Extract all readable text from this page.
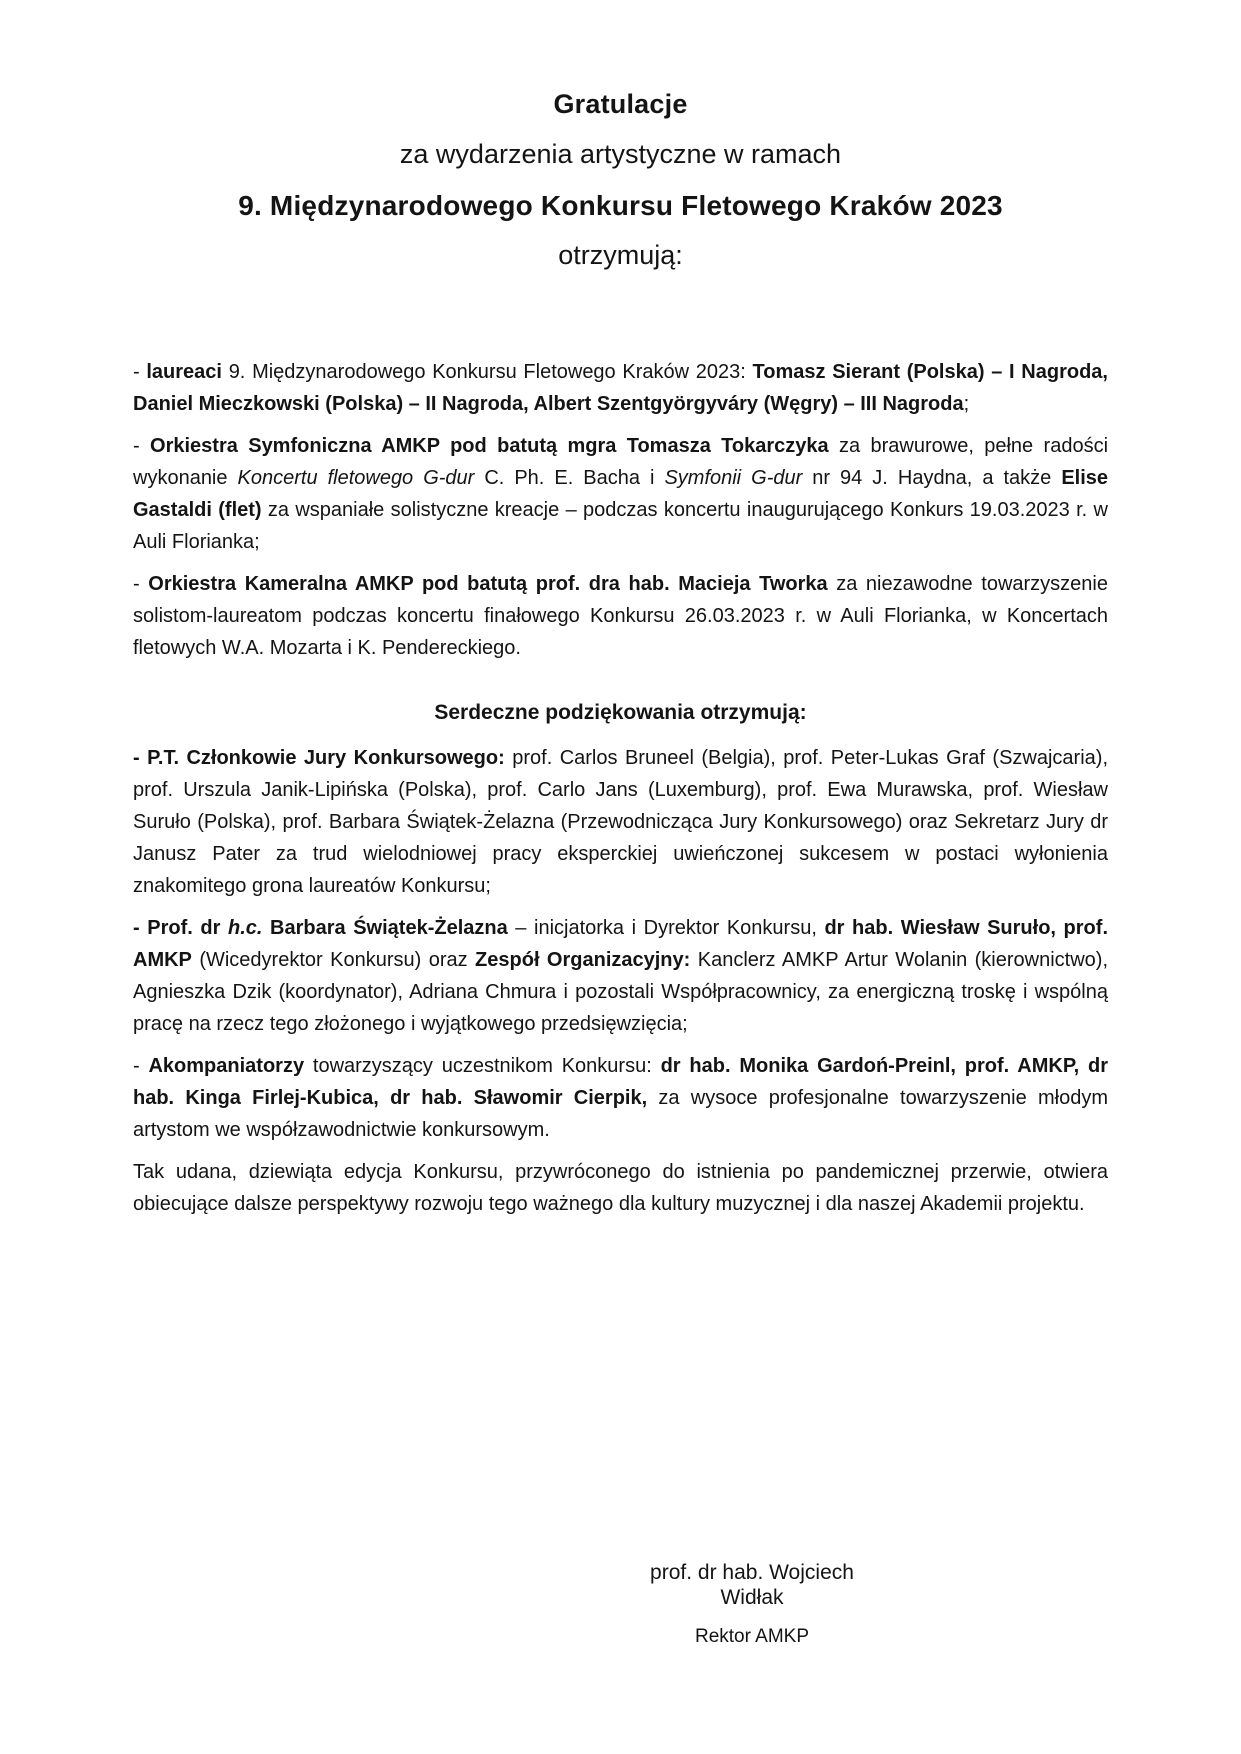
Gratulacje

za wydarzenia artystyczne w ramach

9. Międzynarodowego Konkursu Fletowego Kraków 2023

otrzymują:

- laureaci 9. Międzynarodowego Konkursu Fletowego Kraków 2023: Tomasz Sierant (Polska) – I Nagroda, Daniel Mieczkowski (Polska) – II Nagroda, Albert Szentgyörgyváry (Węgry) – III Nagroda;

- Orkiestra Symfoniczna AMKP pod batutą mgra Tomasza Tokarczyka za brawurowe, pełne radości wykonanie Koncertu fletowego G-dur C. Ph. E. Bacha i Symfonii G-dur nr 94 J. Haydna, a także Elise Gastaldi (flet) za wspaniałe solistyczne kreacje – podczas koncertu inaugurującego Konkurs 19.03.2023 r. w Auli Florianka;

- Orkiestra Kameralna AMKP pod batutą prof. dra hab. Macieja Tworka za niezawodne towarzyszenie solistom-laureatom podczas koncertu finałowego Konkursu 26.03.2023 r. w Auli Florianka, w Koncertach fletowych W.A. Mozarta i K. Pendereckiego.

Serdeczne podziękowania otrzymują:

- P.T. Członkowie Jury Konkursowego: prof. Carlos Bruneel (Belgia), prof. Peter-Lukas Graf (Szwajcaria), prof. Urszula Janik-Lipińska (Polska), prof. Carlo Jans (Luxemburg), prof. Ewa Murawska, prof. Wiesław Suruło (Polska), prof. Barbara Świątek-Żelazna (Przewodnicząca Jury Konkursowego) oraz Sekretarz Jury dr Janusz Pater za trud wielodniowej pracy eksperckiej uwieńczonej sukcesem w postaci wyłonienia znakomitego grona laureatów Konkursu;

- Prof. dr h.c. Barbara Świątek-Żelazna – inicjatorka i Dyrektor Konkursu, dr hab. Wiesław Suruło, prof. AMKP (Wicedyrektor Konkursu) oraz Zespół Organizacyjny: Kanclerz AMKP Artur Wolanin (kierownictwo), Agnieszka Dzik (koordynator), Adriana Chmura i pozostali Współpracownicy, za energiczną troskę i wspólną pracę na rzecz tego złożonego i wyjątkowego przedsięwzięcia;

- Akompaniatorzy towarzyszący uczestnikom Konkursu: dr hab. Monika Gardoń-Preinl, prof. AMKP, dr hab. Kinga Firlej-Kubica, dr hab. Sławomir Cierpik, za wysoce profesjonalne towarzyszenie młodym artystom we współzawodnictwie konkursowym.

Tak udana, dziewiąta edycja Konkursu, przywróconego do istnienia po pandemicznej przerwie, otwiera obiecujące dalsze perspektywy rozwoju tego ważnego dla kultury muzycznej i dla naszej Akademii projektu.

prof. dr hab. Wojciech Widłak
Rektor AMKP
